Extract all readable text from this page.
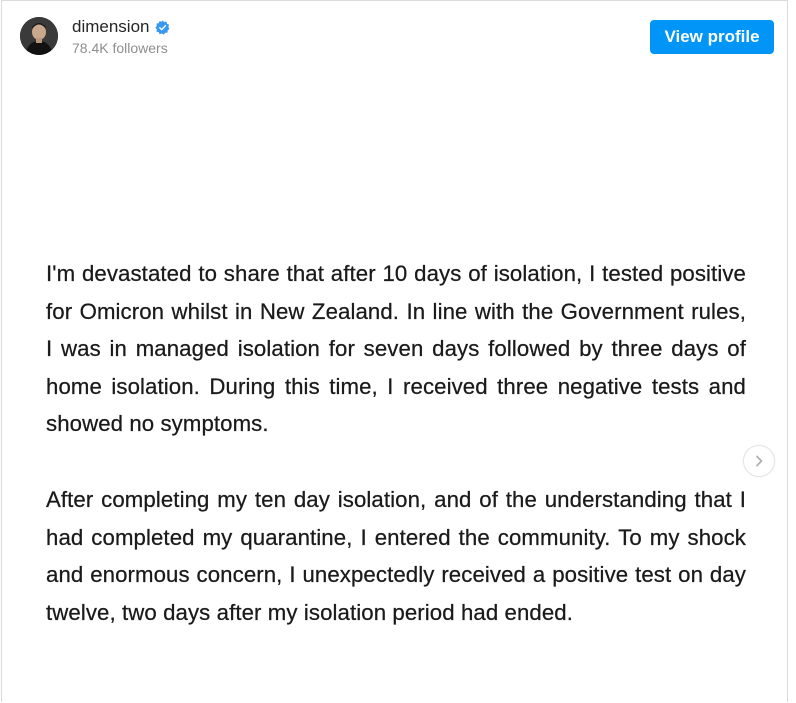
dimension
78.4K followers
View profile
I'm devastated to share that after 10 days of isolation, I tested positive for Omicron whilst in New Zealand. In line with the Government rules, I was in managed isolation for seven days followed by three days of home isolation. During this time, I received three negative tests and showed no symptoms.
After completing my ten day isolation, and of the understanding that I had completed my quarantine, I entered the community. To my shock and enormous concern, I unexpectedly received a positive test on day twelve, two days after my isolation period had ended.
